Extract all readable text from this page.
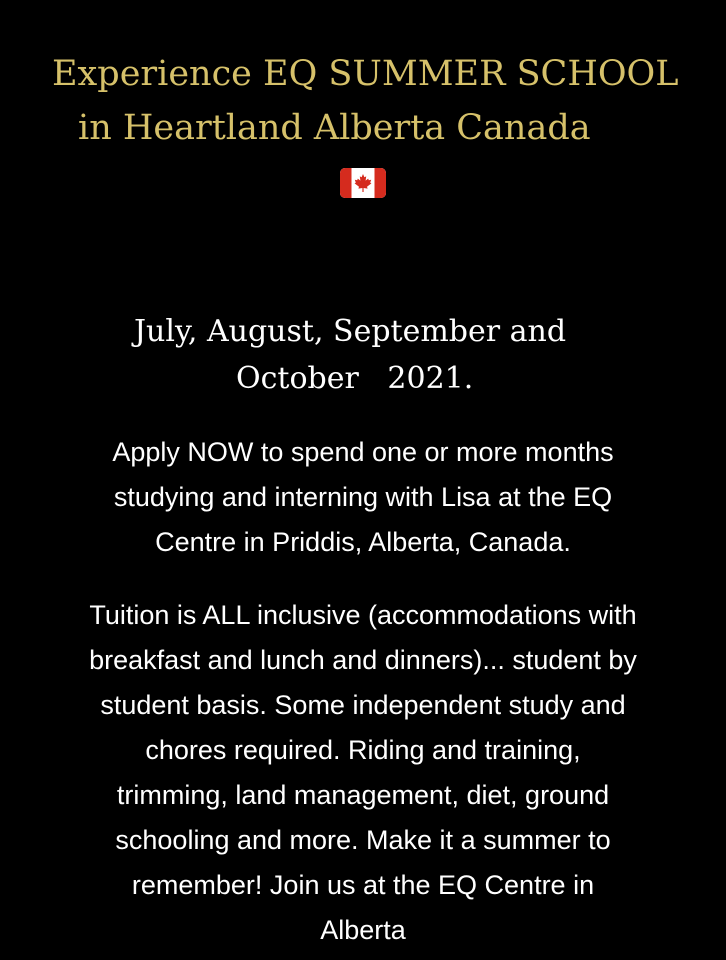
Experience EQ SUMMER SCHOOL
in Heartland Alberta Canada

July, August, September and

October   2021.

Apply NOW to spend one or more months
studying and interning with Lisa at the EQ
Centre in Priddis, Alberta, Canada.

Tuition is ALL inclusive (accommodations with
breakfast and lunch and dinners)... student by
student basis. Some independent study and
chores required. Riding and training,
trimming, land management, diet, ground
schooling and more. Make it a summer to
remember! Join us at the EQ Centre in
Alberta
